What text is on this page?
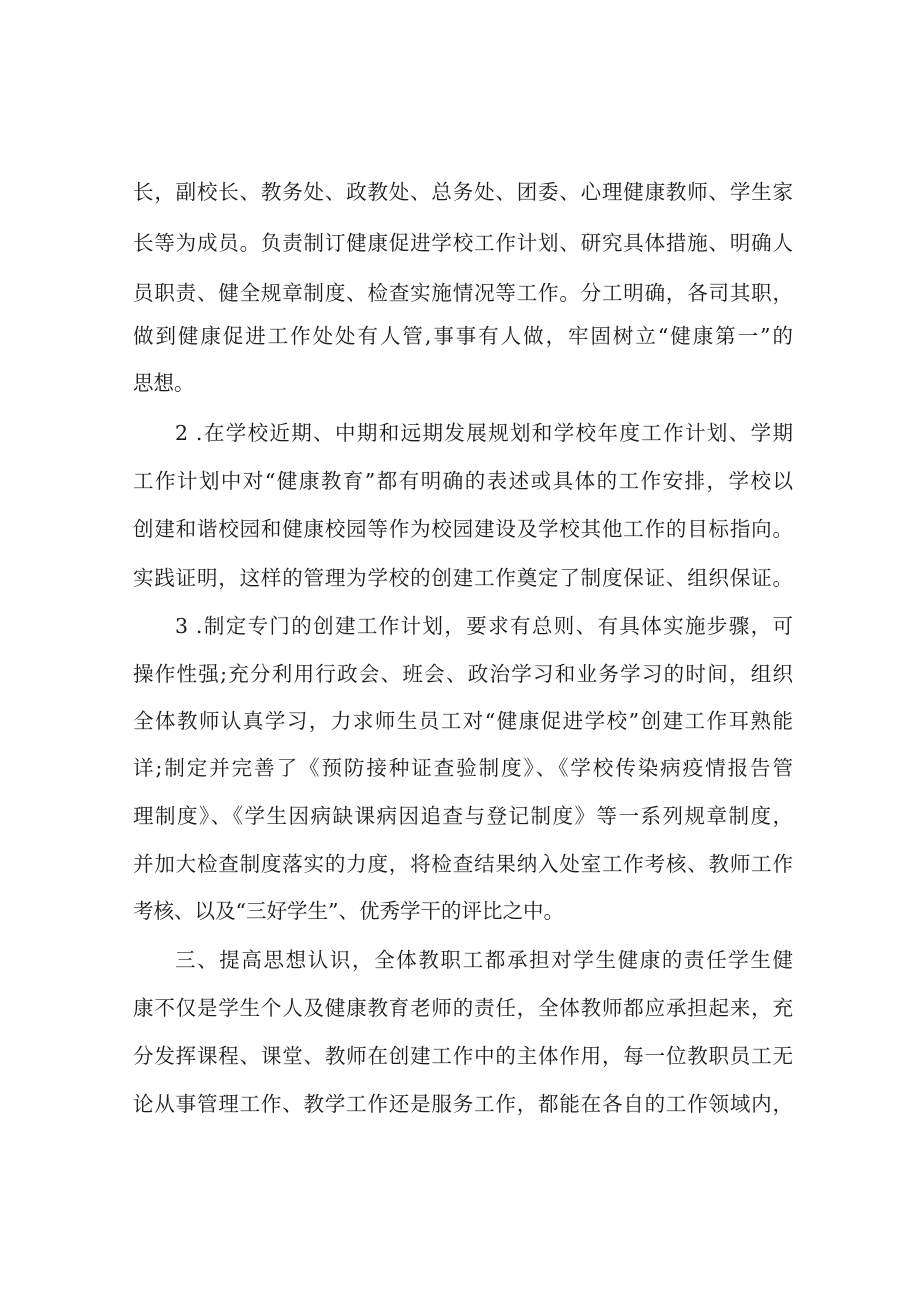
长，副校长、教务处、政教处、总务处、团委、心理健康教师、学生家
长等为成员。负责制订健康促进学校工作计划、研究具体措施、明确人
员职责、健全规章制度、检查实施情况等工作。分工明确，各司其职，
做到健康促进工作处处有人管,事事有人做，牢固树立“健康第一”的
思想。
2 .在学校近期、中期和远期发展规划和学校年度工作计划、学期
工作计划中对“健康教育”都有明确的表述或具体的工作安排，学校以
创建和谐校园和健康校园等作为校园建设及学校其他工作的目标指向。
实践证明，这样的管理为学校的创建工作奠定了制度保证、组织保证。
3 .制定专门的创建工作计划，要求有总则、有具体实施步骤，可
操作性强;充分利用行政会、班会、政治学习和业务学习的时间，组织
全体教师认真学习，力求师生员工对“健康促进学校”创建工作耳熟能
详;制定并完善了《预防接种证查验制度》、《学校传染病疫情报告管
理制度》、《学生因病缺课病因追查与登记制度》等一系列规章制度，
并加大检查制度落实的力度，将检查结果纳入处室工作考核、教师工作
考核、以及“三好学生”、优秀学干的评比之中。
三、提高思想认识，全体教职工都承担对学生健康的责任学生健
康不仅是学生个人及健康教育老师的责任，全体教师都应承担起来，充
分发挥课程、课堂、教师在创建工作中的主体作用，每一位教职员工无
论从事管理工作、教学工作还是服务工作，都能在各自的工作领域内，
